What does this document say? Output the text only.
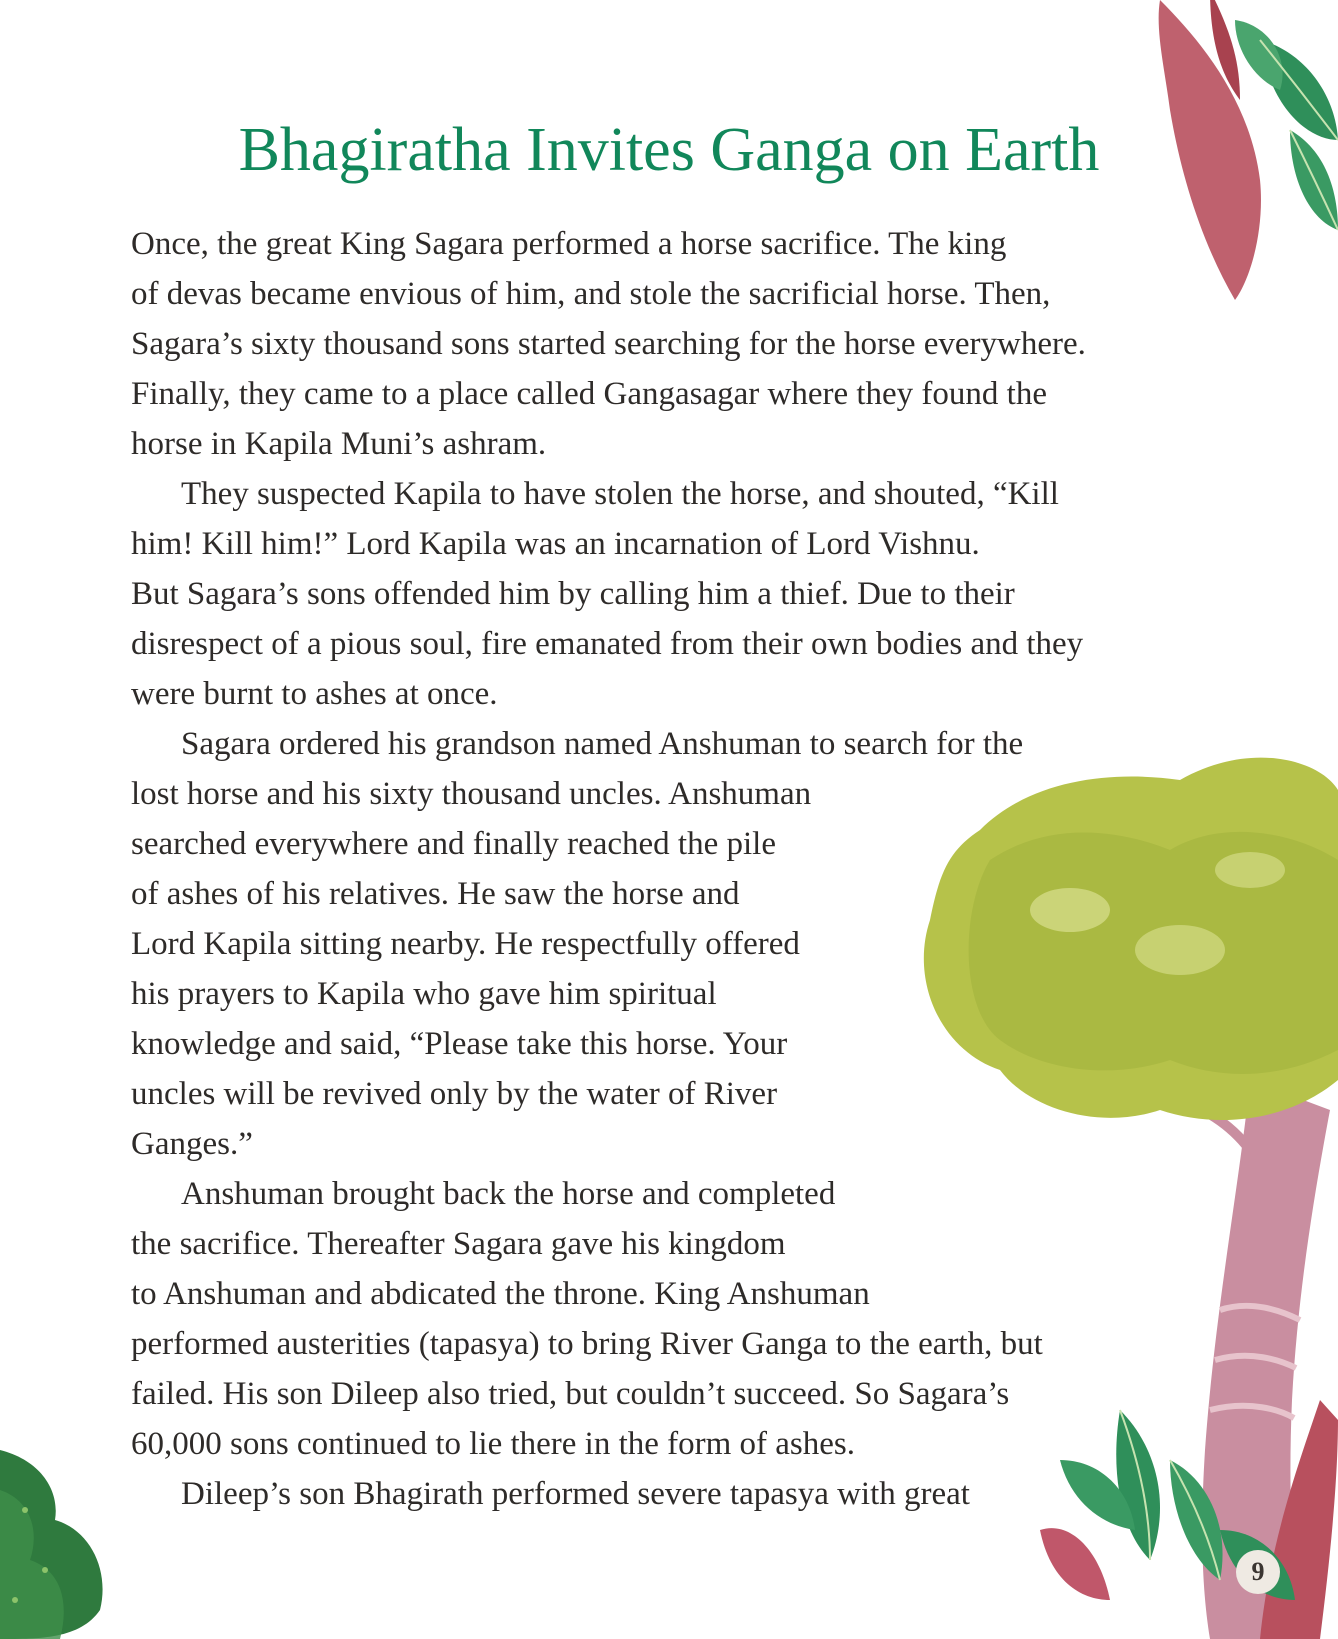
Bhagiratha Invites Ganga on Earth

Once, the great King Sagara performed a horse sacrifice. The king

of devas became envious of him, and stole the sacrificial horse. Then,

Sagara’s sixty thousand sons started searching for the horse everywhere.

Finally, they came to a place called Gangasagar where they found the

horse in Kapila Muni’s ashram.

They suspected Kapila to have stolen the horse, and shouted, “Kill

him! Kill him!” Lord Kapila was an incarnation of Lord Vishnu.

But Sagara’s sons offended him by calling him a thief. Due to their

disrespect of a pious soul, fire emanated from their own bodies and they

were burnt to ashes at once.

Sagara ordered his grandson named Anshuman to search for the

lost horse and his sixty thousand uncles. Anshuman

searched everywhere and finally reached the pile

of ashes of his relatives. He saw the horse and

Lord Kapila sitting nearby. He respectfully offered

his prayers to Kapila who gave him spiritual

knowledge and said, “Please take this horse. Your

uncles will be revived only by the water of River

Ganges.”

Anshuman brought back the horse and completed

the sacrifice. Thereafter Sagara gave his kingdom

to Anshuman and abdicated the throne. King Anshuman

performed austerities (tapasya) to bring River Ganga to the earth, but

failed. His son Dileep also tried, but couldn’t succeed. So Sagara’s

60,000 sons continued to lie there in the form of ashes.

Dileep’s son Bhagirath performed severe tapasya with great

9
